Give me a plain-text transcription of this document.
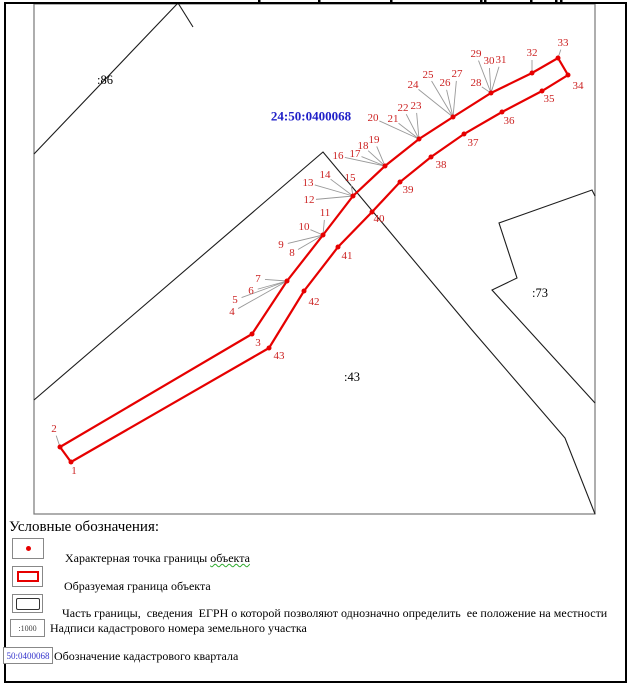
1
2
3
4
5
6
7
8
9
10
11
12
13
14 15
16 17
18 19
20 21
22 23
24
25
26
27
28
29
30 31
32
33
34
35
36
37
38
39
40
41
42
43
:86
:73
:43
24:50:0400068
Условные обозначения:
Характерная точка границы объекта
Образуемая граница объекта
Часть границы,  сведения  ЕГРН о которой позволяют однозначно определить  ее положение на местности
:1000	Надписи кадастрового номера земельного участка
50:0400068 Обозначение кадастрового квартала
